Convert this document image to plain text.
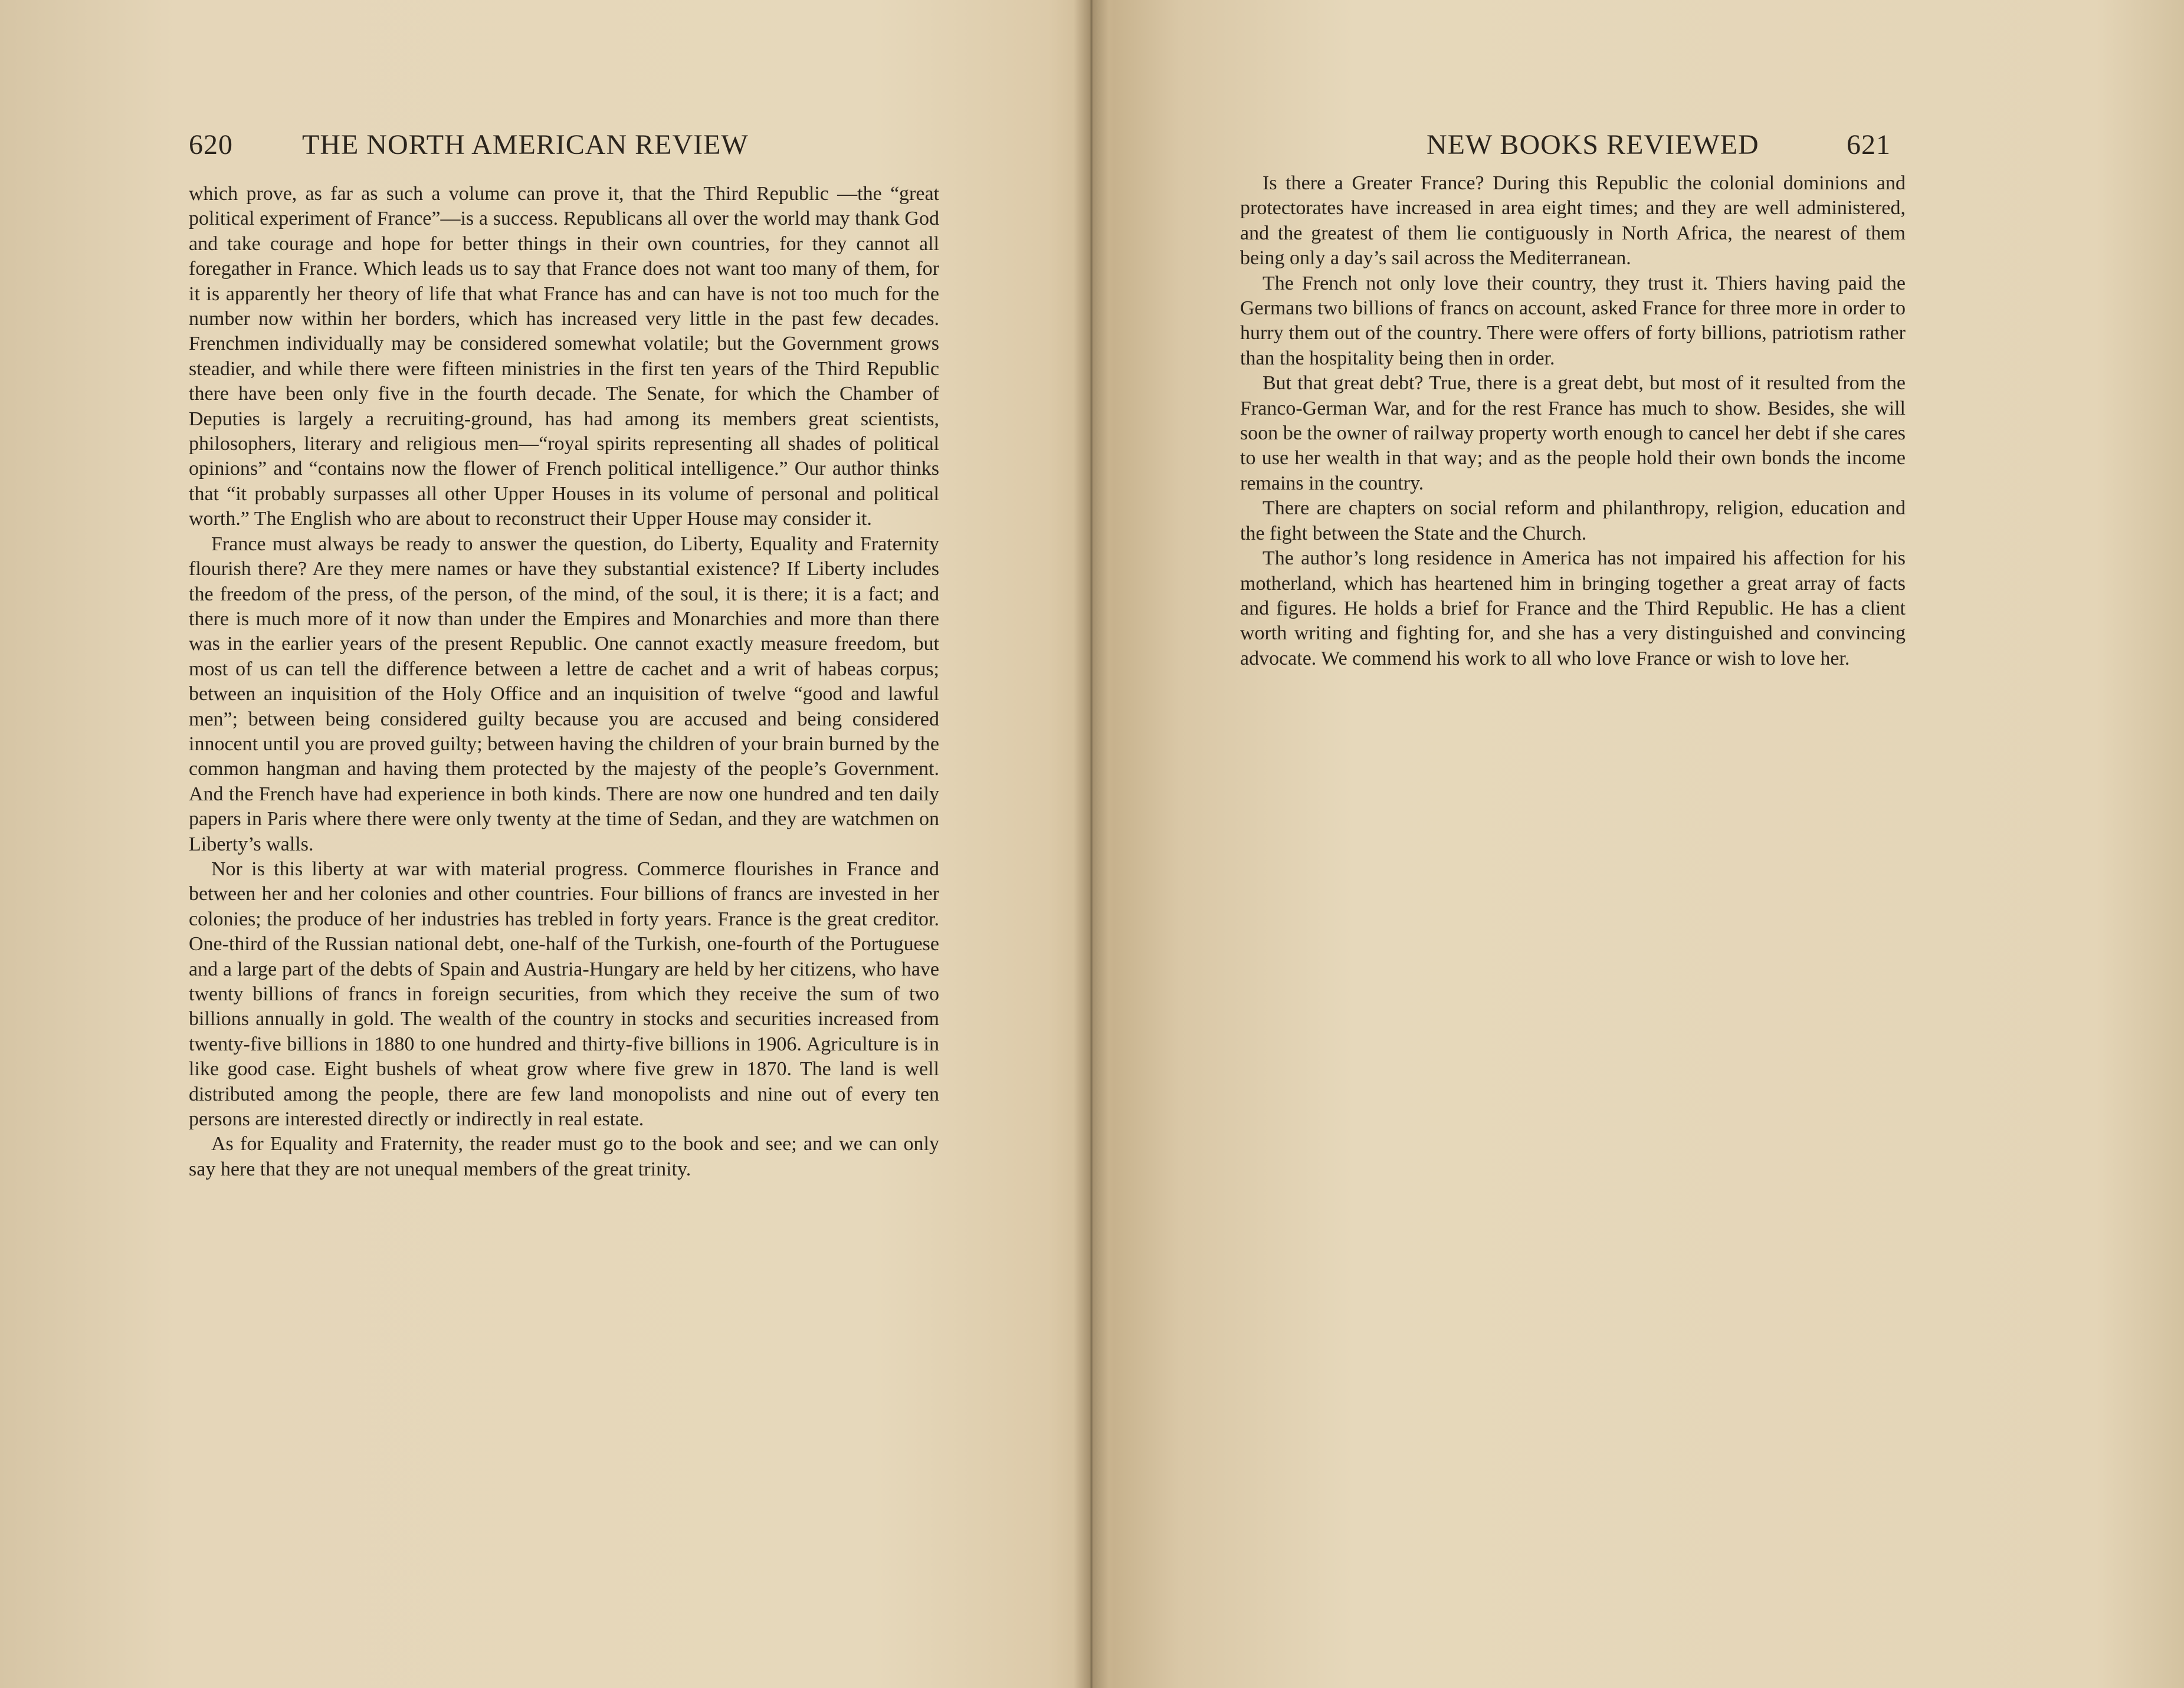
620 THE NORTH AMERICAN REVIEW

which prove, as far as such a volume can prove it, that the Third Republic —the “great political experiment of France”—is a success. Republicans all over the world may thank God and take courage and hope for better things in their own countries, for they cannot all foregather in France. Which leads us to say that France does not want too many of them, for it is apparently her theory of life that what France has and can have is not too much for the number now within her borders, which has increased very little in the past few decades. Frenchmen individually may be considered somewhat volatile; but the Government grows steadier, and while there were fifteen ministries in the first ten years of the Third Republic there have been only five in the fourth decade. The Senate, for which the Chamber of Deputies is largely a recruiting-ground, has had among its members great scientists, philosophers, literary and religious men—“royal spirits representing all shades of political opinions” and “contains now the flower of French political intelligence.” Our author thinks that “it probably surpasses all other Upper Houses in its volume of personal and political worth.” The English who are about to reconstruct their Upper House may consider it.

France must always be ready to answer the question, do Liberty, Equality and Fraternity flourish there? Are they mere names or have they substantial existence? If Liberty includes the freedom of the press, of the person, of the mind, of the soul, it is there; it is a fact; and there is much more of it now than under the Empires and Monarchies and more than there was in the earlier years of the present Republic. One cannot exactly measure freedom, but most of us can tell the difference between a lettre de cachet and a writ of habeas corpus; between an inquisition of the Holy Office and an inquisition of twelve “good and lawful men”; between being considered guilty because you are accused and being considered innocent until you are proved guilty; between having the children of your brain burned by the common hangman and having them protected by the majesty of the people’s Government. And the French have had experience in both kinds. There are now one hundred and ten daily papers in Paris where there were only twenty at the time of Sedan, and they are watchmen on Liberty’s walls.

Nor is this liberty at war with material progress. Commerce flourishes in France and between her and her colonies and other countries. Four billions of francs are invested in her colonies; the produce of her industries has trebled in forty years. France is the great creditor. One-third of the Russian national debt, one-half of the Turkish, one-fourth of the Portuguese and a large part of the debts of Spain and Austria-Hungary are held by her citizens, who have twenty billions of francs in foreign securities, from which they receive the sum of two billions annually in gold. The wealth of the country in stocks and securities increased from twenty-five billions in 1880 to one hundred and thirty-five billions in 1906. Agriculture is in like good case. Eight bushels of wheat grow where five grew in 1870. The land is well distributed among the people, there are few land monopolists and nine out of every ten persons are interested directly or indirectly in real estate.

As for Equality and Fraternity, the reader must go to the book and see; and we can only say here that they are not unequal members of the great trinity.

NEW BOOKS REVIEWED	621

Is there a Greater France? During this Republic the colonial dominions and protectorates have increased in area eight times; and they are well administered, and the greatest of them lie contiguously in North Africa, the nearest of them being only a day’s sail across the Mediterranean.

The French not only love their country, they trust it. Thiers having paid the Germans two billions of francs on account, asked France for three more in order to hurry them out of the country. There were offers of forty billions, patriotism rather than the hospitality being then in order.

But that great debt? True, there is a great debt, but most of it resulted from the Franco-German War, and for the rest France has much to show. Besides, she will soon be the owner of railway property worth enough to cancel her debt if she cares to use her wealth in that way; and as the people hold their own bonds the income remains in the country.

There are chapters on social reform and philanthropy, religion, education and the fight between the State and the Church.

The author’s long residence in America has not impaired his affection for his motherland, which has heartened him in bringing together a great array of facts and figures. He holds a brief for France and the Third Republic. He has a client worth writing and fighting for, and she has a very distinguished and convincing advocate. We commend his work to all who love France or wish to love her.
